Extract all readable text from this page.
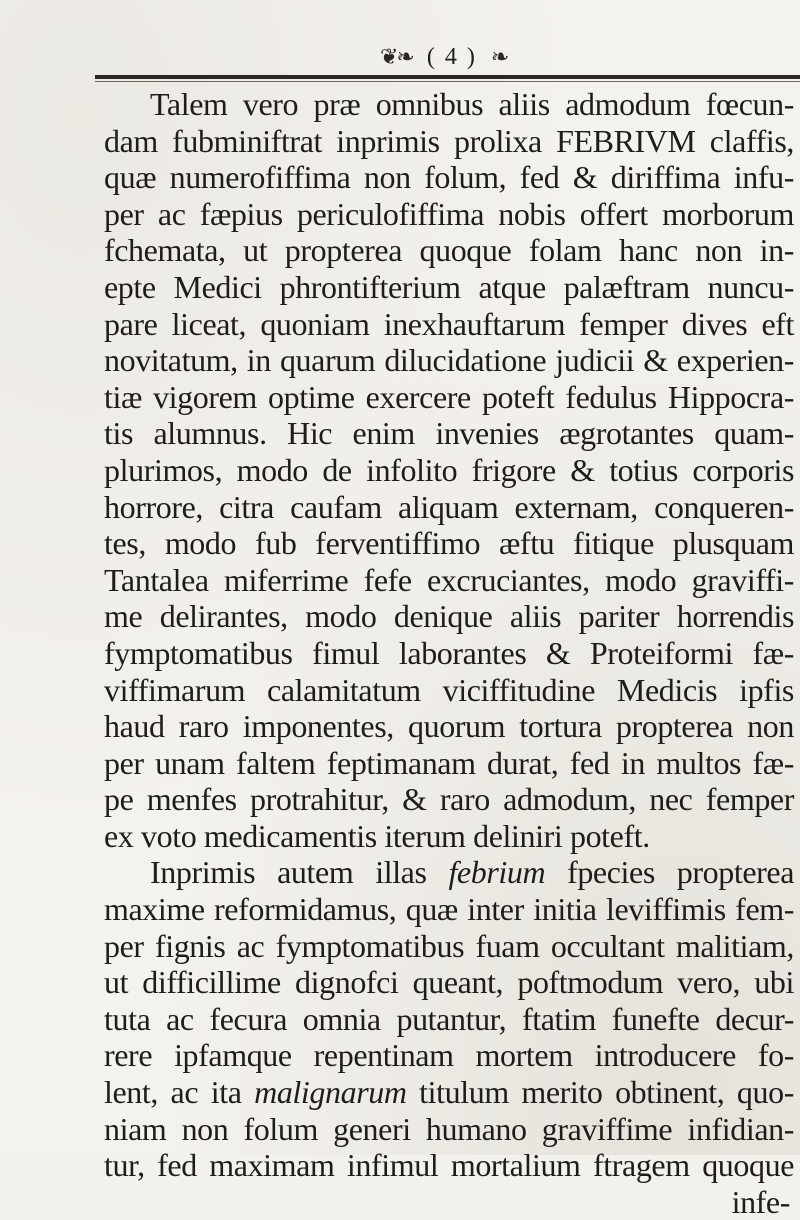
❦❧ ( 4 ) ❧
Talem vero præ omnibus aliis admodum fœcun-
dam fubminiftrat inprimis prolixa FEBRIVM claffis,
quæ numerofiffima non folum, fed & diriffima infu-
per ac fæpius periculofiffima nobis offert morborum
fchemata, ut propterea quoque folam hanc non in-
epte Medici phrontifterium atque palæftram nuncu-
pare liceat, quoniam inexhauftarum femper dives eft
novitatum, in quarum dilucidatione judicii & experien-
tiæ vigorem optime exercere poteft fedulus Hippocra-
tis alumnus. Hic enim invenies ægrotantes quam-
plurimos, modo de infolito frigore & totius corporis
horrore, citra caufam aliquam externam, conqueren-
tes, modo fub ferventiffimo æftu fitique plusquam
Tantalea miferrime fefe excruciantes, modo graviffi-
me delirantes, modo denique aliis pariter horrendis
fymptomatibus fimul laborantes & Proteiformi fæ-
viffimarum calamitatum viciffitudine Medicis ipfis
haud raro imponentes, quorum tortura propterea non
per unam faltem feptimanam durat, fed in multos fæ-
pe menfes protrahitur, & raro admodum, nec femper
ex voto medicamentis iterum deliniri poteft.
Inprimis autem illas febrium fpecies propterea
maxime reformidamus, quæ inter initia leviffimis fem-
per fignis ac fymptomatibus fuam occultant malitiam,
ut difficillime dignofci queant, poftmodum vero, ubi
tuta ac fecura omnia putantur, ftatim funefte decur-
rere ipfamque repentinam mortem introducere fo-
lent, ac ita malignarum titulum merito obtinent, quo-
niam non folum generi humano graviffime infidian-
tur, fed maximam infimul mortalium ftragem quoque
infe-
